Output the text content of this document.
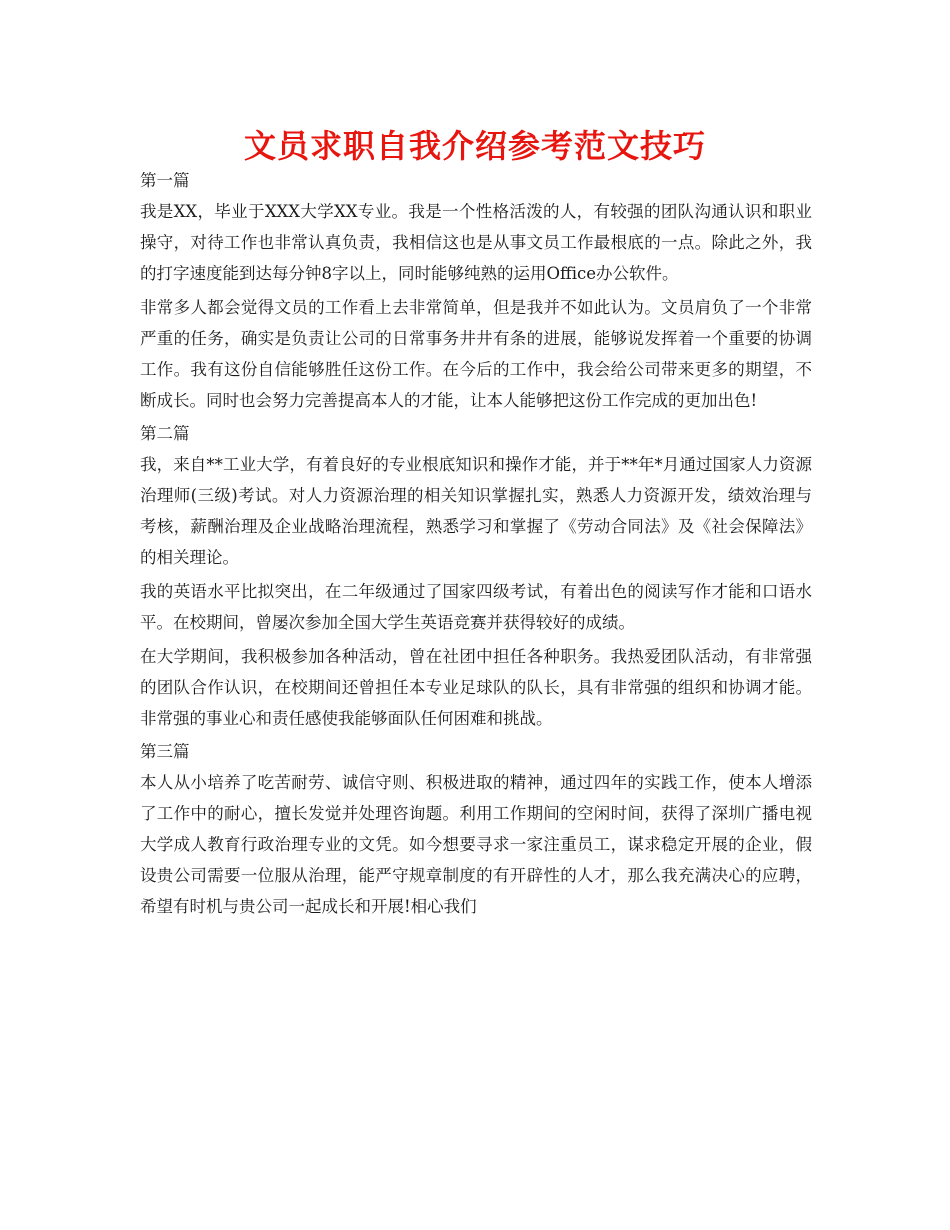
文员求职自我介绍参考范文技巧

第一篇

我是XX，毕业于XXX大学XX专业。我是一个性格活泼的人，有较强的团队沟通认识和职业操守，对待工作也非常认真负责，我相信这也是从事文员工作最根底的一点。除此之外，我的打字速度能到达每分钟8字以上，同时能够纯熟的运用Office办公软件。

非常多人都会觉得文员的工作看上去非常简单，但是我并不如此认为。文员肩负了一个非常严重的任务，确实是负责让公司的日常事务井井有条的进展，能够说发挥着一个重要的协调工作。我有这份自信能够胜任这份工作。在今后的工作中，我会给公司带来更多的期望，不断成长。同时也会努力完善提高本人的才能，让本人能够把这份工作完成的更加出色!

第二篇

我，来自**工业大学，有着良好的专业根底知识和操作才能，并于**年*月通过国家人力资源治理师(三级)考试。对人力资源治理的相关知识掌握扎实，熟悉人力资源开发，绩效治理与考核，薪酬治理及企业战略治理流程，熟悉学习和掌握了《劳动合同法》及《社会保障法》的相关理论。

我的英语水平比拟突出，在二年级通过了国家四级考试，有着出色的阅读写作才能和口语水平。在校期间，曾屡次参加全国大学生英语竞赛并获得较好的成绩。

在大学期间，我积极参加各种活动，曾在社团中担任各种职务。我热爱团队活动，有非常强的团队合作认识，在校期间还曾担任本专业足球队的队长，具有非常强的组织和协调才能。非常强的事业心和责任感使我能够面队任何困难和挑战。

第三篇

本人从小培养了吃苦耐劳、诚信守则、积极进取的精神，通过四年的实践工作，使本人增添了工作中的耐心，擅长发觉并处理咨询题。利用工作期间的空闲时间，获得了深圳广播电视大学成人教育行政治理专业的文凭。如今想要寻求一家注重员工，谋求稳定开展的企业，假设贵公司需要一位服从治理，能严守规章制度的有开辟性的人才，那么我充满决心的应聘，希望有时机与贵公司一起成长和开展!相心我们
